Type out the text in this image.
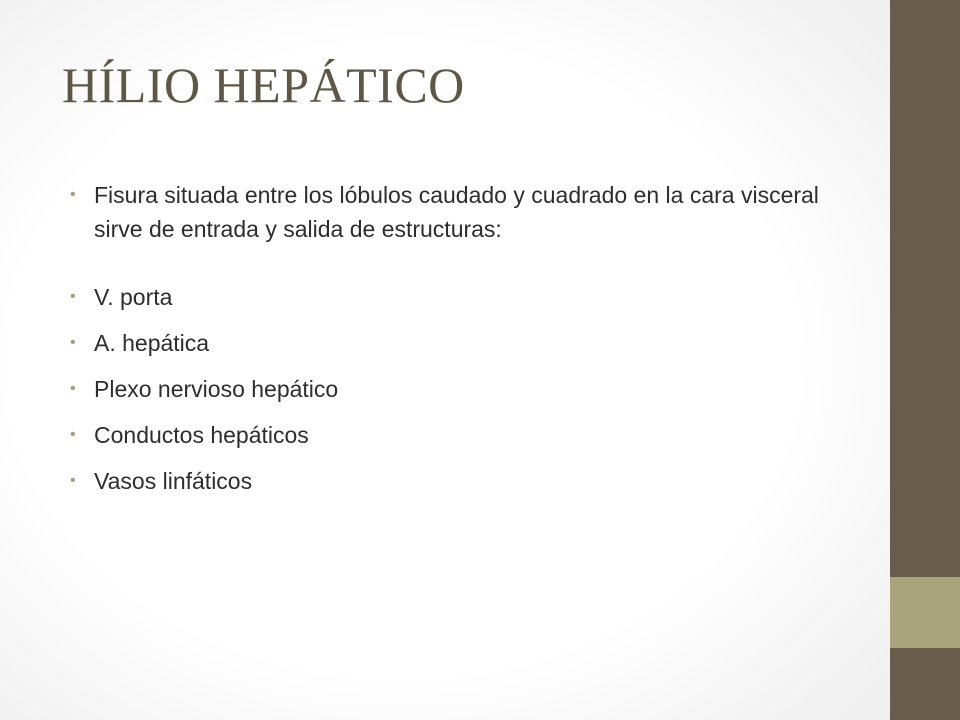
HÍLIO HEPÁTICO
• Fisura situada entre los lóbulos caudado y cuadrado en la cara visceral sirve de entrada y salida de estructuras:
• V. porta
• A. hepática
• Plexo nervioso hepático
• Conductos hepáticos
• Vasos linfáticos
